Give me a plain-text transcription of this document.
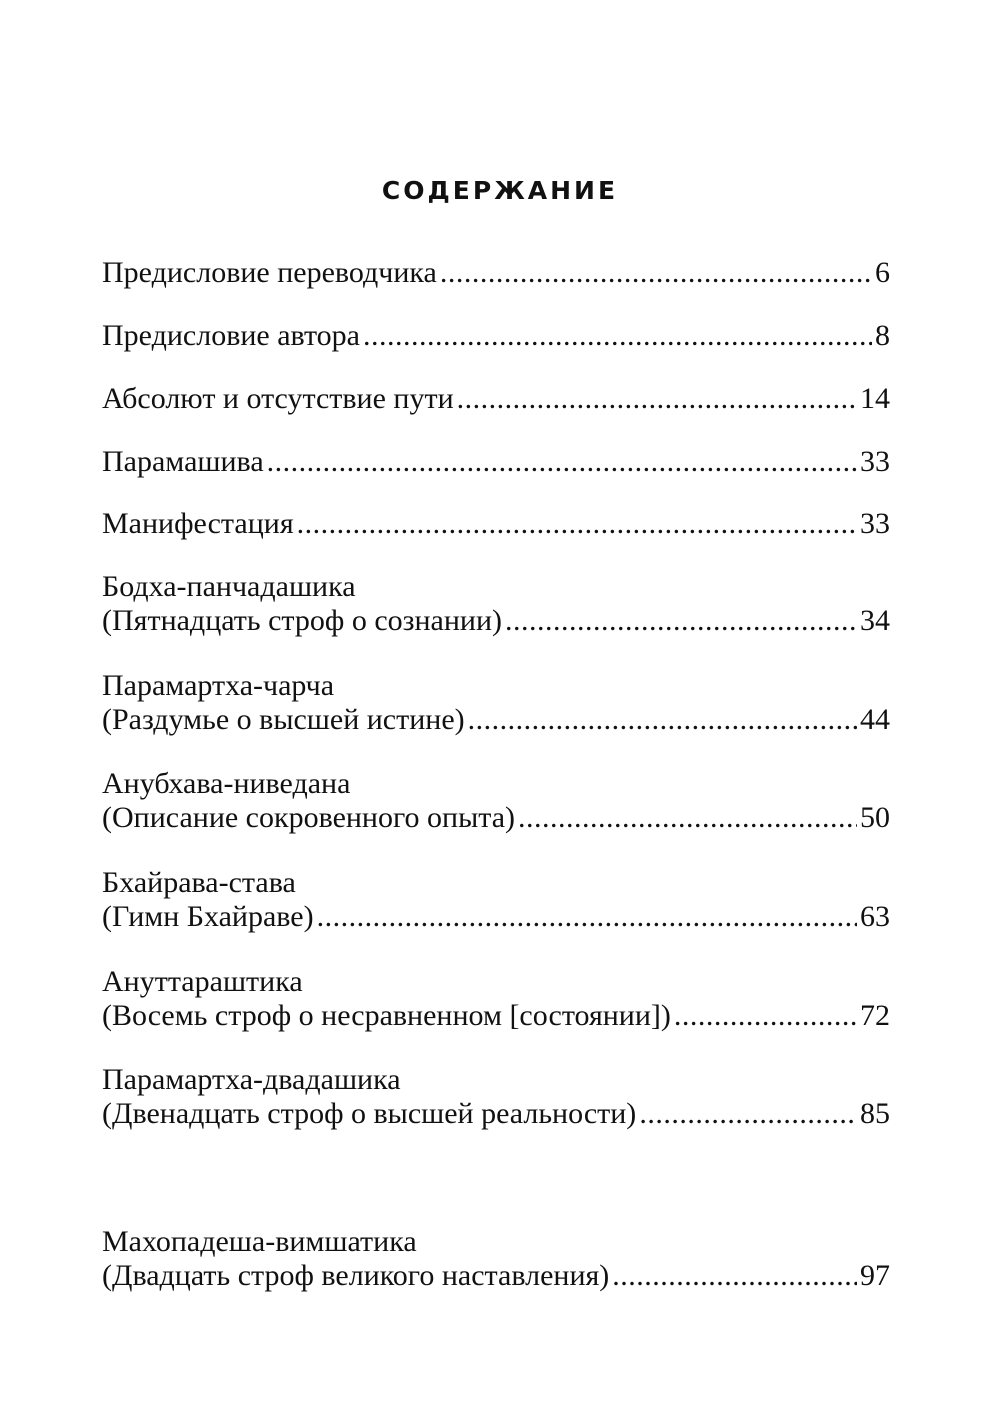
СОДЕРЖАНИЕ
Предисловие переводчика .....	6
Предисловие автора .....	8
Абсолют и отсутствие пути .....	14
Парамашива .....	33
Манифестация .....	33
Бодха-панчадашика
(Пятнадцать строф о сознании) .....	34
Парамартха-чарча
(Раздумье о высшей истине) .....	44
Анубхава-ниведана
(Описание сокровенного опыта) .....	50
Бхайрава-става
(Гимн Бхайраве) .....	63
Ануттараштика
(Восемь строф о несравненном [состоянии]) .....	72
Парамартха-двадашика
(Двенадцать строф о высшей реальности) .....	85
Махопадеша-вимшатика
(Двадцать строф великого наставления) .....	97
